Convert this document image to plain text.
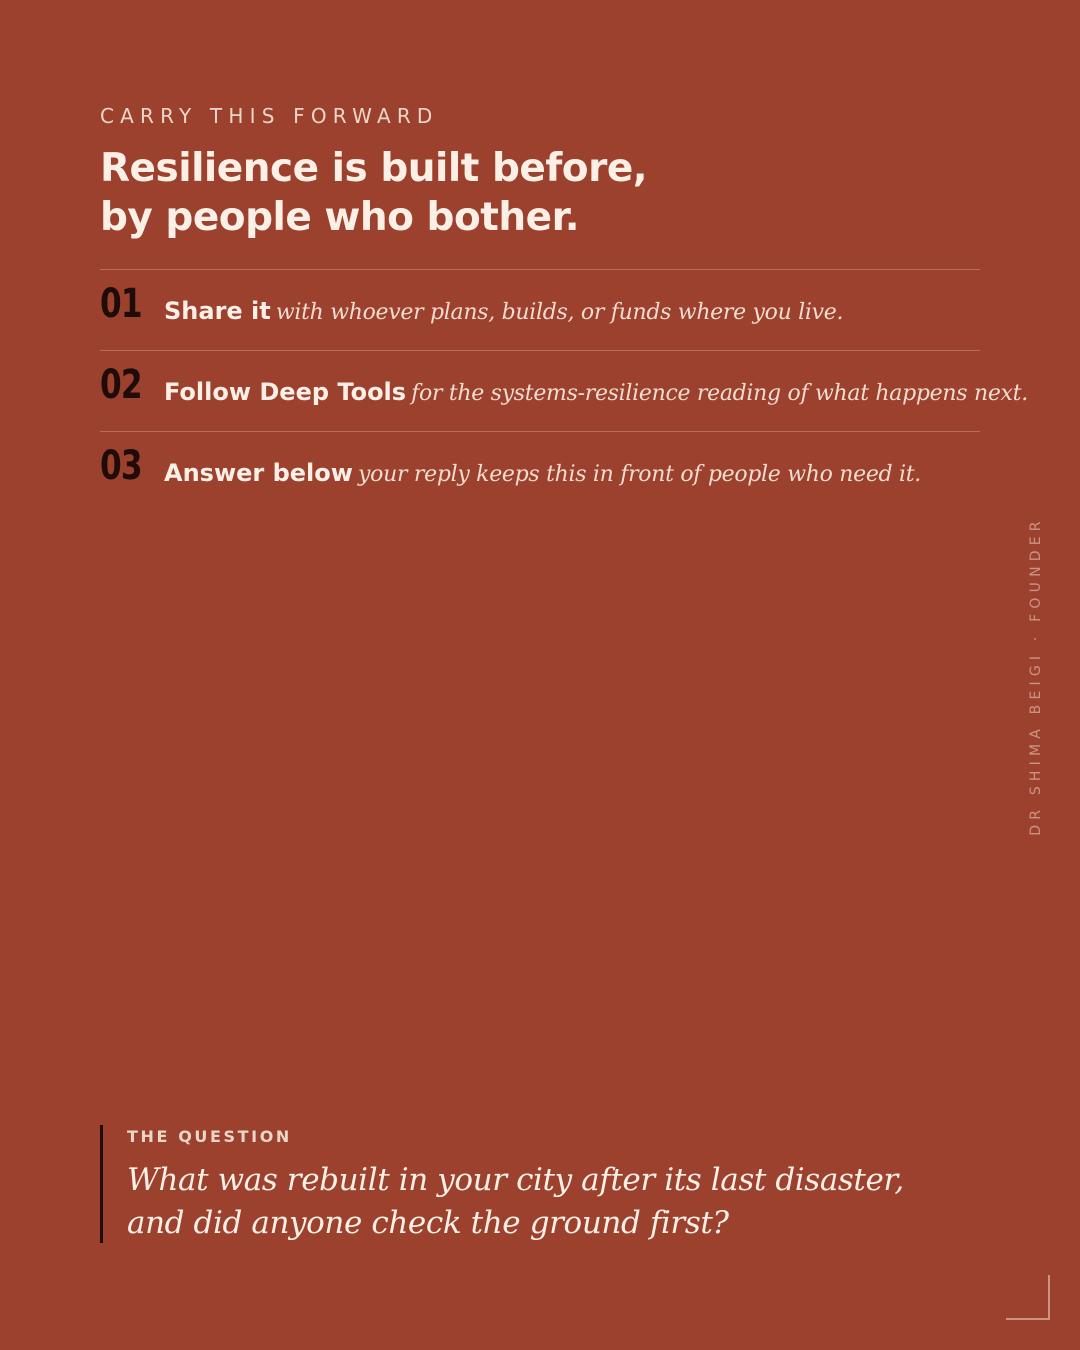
CARRY THIS FORWARD
Resilience is built before,
by people who bother.
01 Share it with whoever plans, builds, or funds where you live.
02 Follow Deep Tools for the systems-resilience reading of what happens next.
03 Answer below your reply keeps this in front of people who need it.
DR SHIMA BEIGI · FOUNDER
THE QUESTION

What was rebuilt in your city after its last disaster, and did anyone check the ground first?
